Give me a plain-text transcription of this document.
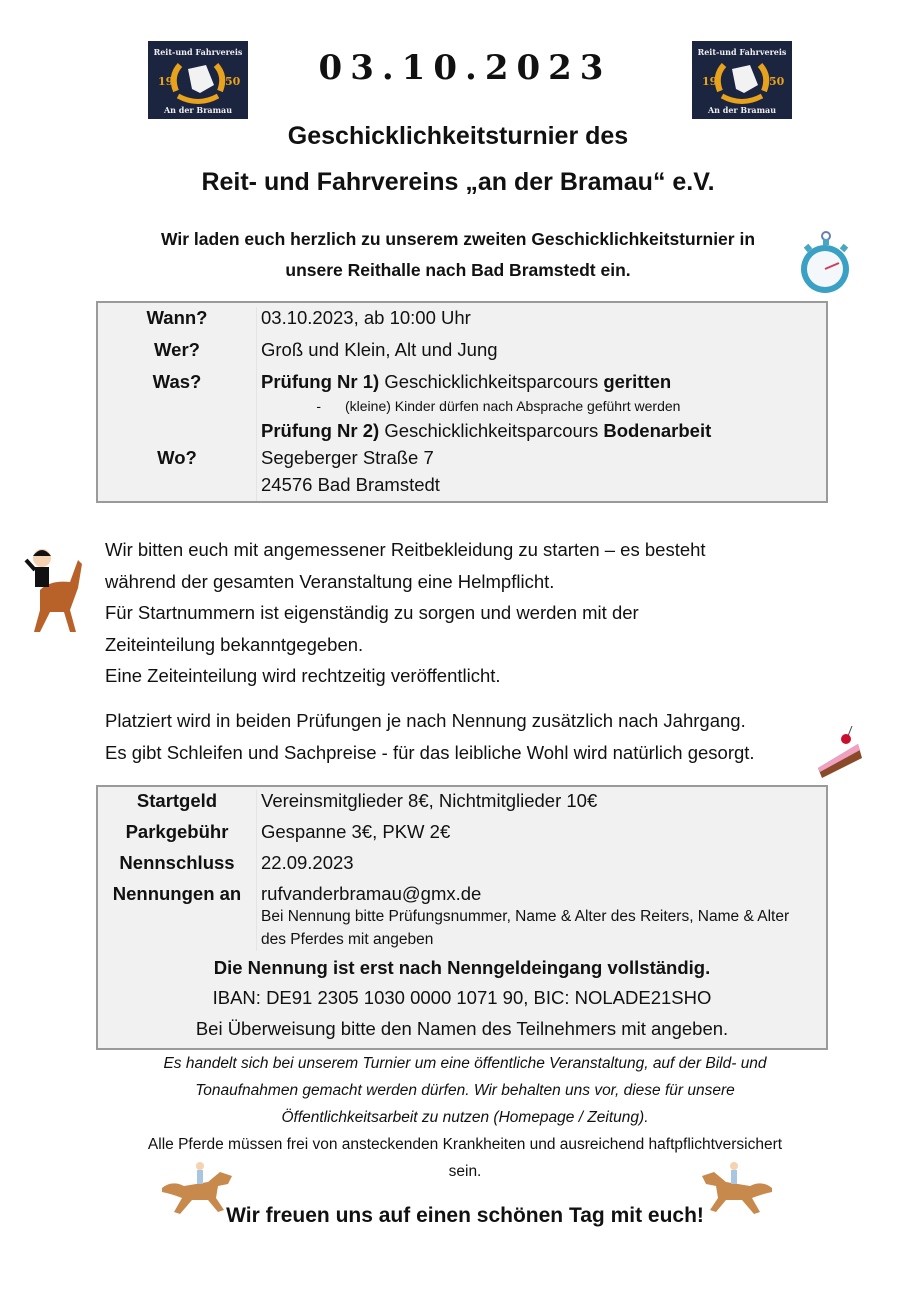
Reit-und Fahrvereis
19	50
An der Bramau
Reit-und Fahrvereis
19	50
An der Bramau
03.10.2023
Geschicklichkeitsturnier des
Reit- und Fahrvereins „an der Bramau“ e.V.
Wir laden euch herzlich zu unserem zweiten Geschicklichkeitsturnier in
unsere Reithalle nach Bad Bramstedt ein.
Wann?	03.10.2023, ab 10:00 Uhr
Wer?	Groß und Klein, Alt und Jung
Was?	Prüfung Nr 1) Geschicklichkeitsparcours geritten
	- (kleine) Kinder dürfen nach Absprache geführt werden
	Prüfung Nr 2) Geschicklichkeitsparcours Bodenarbeit
Wo?	Segeberger Straße 7
	24576 Bad Bramstedt
Wir bitten euch mit angemessener Reitbekleidung zu starten – es besteht
während der gesamten Veranstaltung eine Helmpflicht.
Für Startnummern ist eigenständig zu sorgen und werden mit der
Zeiteinteilung bekanntgegeben.
Eine Zeiteinteilung wird rechtzeitig veröffentlicht.
Platziert wird in beiden Prüfungen je nach Nennung zusätzlich nach Jahrgang.
Es gibt Schleifen und Sachpreise - für das leibliche Wohl wird natürlich gesorgt.
Startgeld	Vereinsmitglieder 8€, Nichtmitglieder 10€
Parkgebühr	Gespanne 3€, PKW 2€
Nennschluss	22.09.2023
Nennungen an	rufvanderbramau@gmx.de
Bei Nennung bitte Prüfungsnummer, Name & Alter des Reiters, Name & Alter des Pferdes mit angeben

Die Nennung ist erst nach Nenngeldeingang vollständig.	
IBAN: DE91 2305 1030 0000 1071 90, BIC: NOLADE21SHO	
Bei Überweisung bitte den Namen des Teilnehmers mit angeben.	
Es handelt sich bei unserem Turnier um eine öffentliche Veranstaltung, auf der Bild- und
Tonaufnahmen gemacht werden dürfen. Wir behalten uns vor, diese für unsere
Öffentlichkeitsarbeit zu nutzen (Homepage / Zeitung).
Alle Pferde müssen frei von ansteckenden Krankheiten und ausreichend haftpflichtversichert
sein.
Wir freuen uns auf einen schönen Tag mit euch!
